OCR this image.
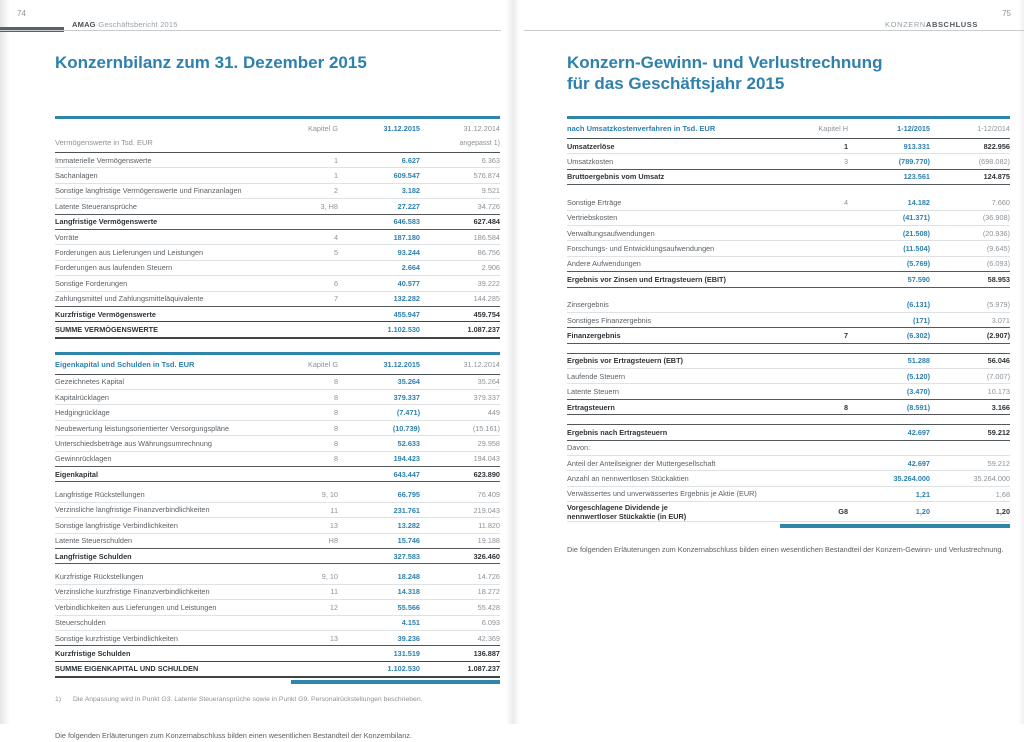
74
AMAG·Geschäftsbericht 2015
Konzernbilanz zum 31. Dezember 2015
Kapitel G	31.12.2015	31.12.2014
Vermögenswerte in Tsd. EUR	angepasst 1)
Immaterielle Vermögenswerte	1	6.627	6.363
Sachanlagen	1	609.547	576.874
Sonstige langfristige Vermögenswerte und Finanzanlagen	2	3.182	9.521
Latente Steueransprüche	3, H8	27.227	34.726
Langfristige Vermögenswerte	646.583	627.484
Vorräte	4	187.180	186.584
Forderungen aus Lieferungen und Leistungen	5	93.244	86.756
Forderungen aus laufenden Steuern	2.664	2.906
Sonstige Forderungen	6	40.577	39.222
Zahlungsmittel und Zahlungsmitteläquivalente	7	132.282	144.285
Kurzfristige Vermögenswerte	455.947	459.754
SUMME VERMÖGENSWERTE	1.102.530	1.087.237
Eigenkapital und Schulden in Tsd. EUR	Kapitel G	31.12.2015	31.12.2014
Gezeichnetes Kapital	8	35.264	35.264
Kapitalrücklagen	8	379.337	379.337
Hedgingrücklage	8	(7.471)	449
Neubewertung leistungsorientierter Versorgungspläne	8	(10.739)	(15.161)
Unterschiedsbeträge aus Währungsumrechnung	8	52.633	29.958
Gewinnrücklagen	8	194.423	194.043
Eigenkapital	643.447	623.890
Langfristige Rückstellungen	9, 10	66.795	76.409
Verzinsliche langfristige Finanzverbindlichkeiten	11	231.761	219.043
Sonstige langfristige Verbindlichkeiten	13	13.282	11.820
Latente Steuerschulden	H8	15.746	19.188
Langfristige Schulden	327.583	326.460
Kurzfristige Rückstellungen	9, 10	18.248	14.726
Verzinsliche kurzfristige Finanzverbindlichkeiten	11	14.318	18.272
Verbindlichkeiten aus Lieferungen und Leistungen	12	55.566	55.428
Steuerschulden	4.151	6.093
Sonstige kurzfristige Verbindlichkeiten	13	39.236	42.369
Kurzfristige Schulden	131.519	136.887
SUMME EIGENKAPITAL UND SCHULDEN	1.102.530	1.087.237
1)	Die Anpassung wird in Punkt G3. Latente Steueransprüche sowie in Punkt G9. Personalrückstellungen beschrieben.
Die folgenden Erläuterungen zum Konzernabschluss bilden einen wesentlichen Bestandteil der Konzernbilanz.
75
KONZERNABSCHLUSS
Konzern-Gewinn- und Verlustrechnung
für das Geschäftsjahr 2015
nach Umsatzkostenverfahren in Tsd. EUR	Kapitel H	1-12/2015	1-12/2014
Umsatzerlöse	1	913.331	822.956
Umsatzkosten	3	(789.770)	(698.082)
Bruttoergebnis vom Umsatz	123.561	124.875
Sonstige Erträge	4	14.182	7.660
Vertriebskosten	(41.371)	(36.908)
Verwaltungsaufwendungen	(21.508)	(20.936)
Forschungs- und Entwicklungsaufwendungen	(11.504)	(9.645)
Andere Aufwendungen	(5.769)	(6.093)
Ergebnis vor Zinsen und Ertragsteuern (EBIT)	57.590	58.953
Zinsergebnis	(6.131)	(5.979)
Sonstiges Finanzergebnis	(171)	3.071
Finanzergebnis	7	(6.302)	(2.907)
Ergebnis vor Ertragsteuern (EBT)	51.288	56.046
Laufende Steuern	(5.120)	(7.007)
Latente Steuern	(3.470)	10.173
Ertragsteuern	8	(8.591)	3.166
Ergebnis nach Ertragsteuern	42.697	59.212
Davon:
Anteil der Anteilseigner der Muttergesellschaft	42.697	59.212
Anzahl an nennwertlosen Stückaktien	35.264.000	35.264.000
Verwässertes und unverwässertes Ergebnis je Aktie (EUR)	1,21	1,68
Vorgeschlagene Dividende je
nennwertloser Stückaktie (in EUR)	G8	1,20	1,20
Die folgenden Erläuterungen zum Konzernabschluss bilden einen wesentlichen Bestandteil der Konzern-Gewinn- und Verlustrechnung.
